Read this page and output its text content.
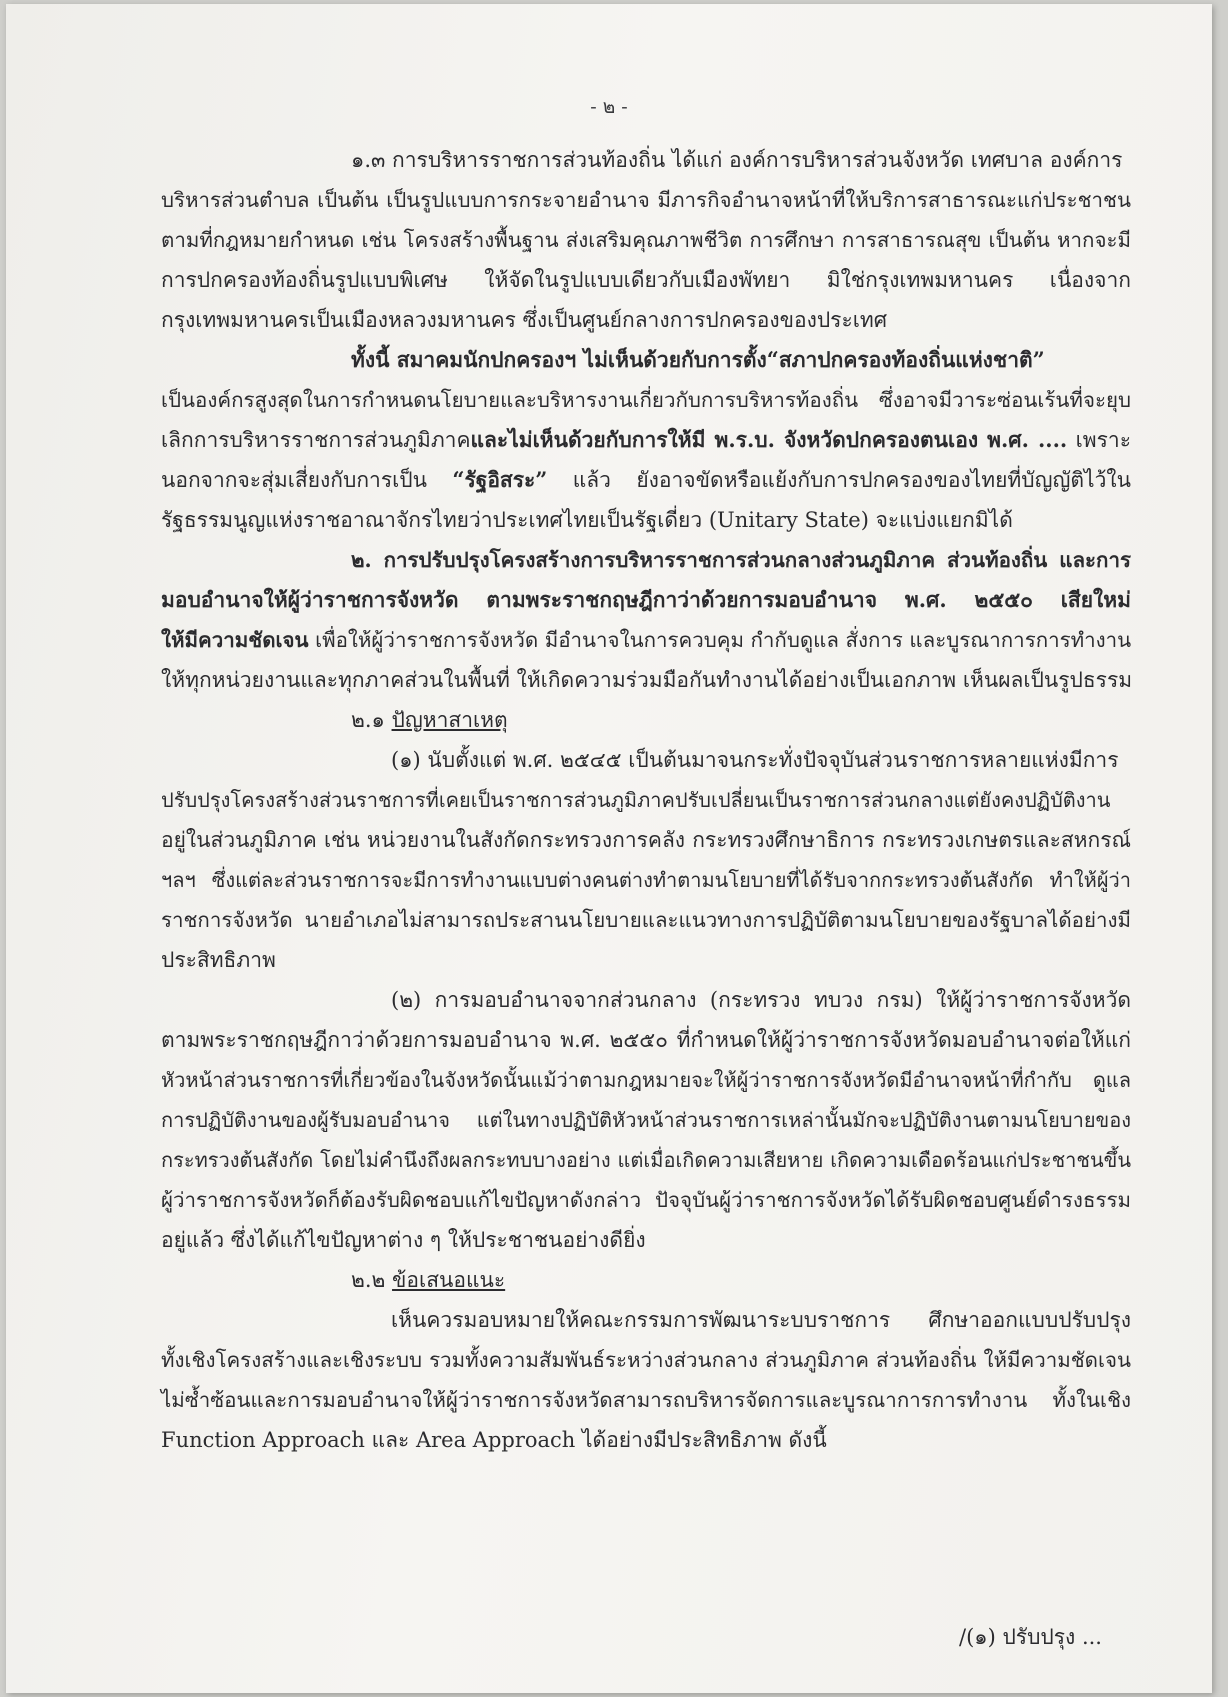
- ๒ -
๑.๓ การบริหารราชการส่วนท้องถิ่น ได้แก่ องค์การบริหารส่วนจังหวัด เทศบาล องค์การ
บริหารส่วนตำบล เป็นต้น เป็นรูปแบบการกระจายอำนาจ มีภารกิจอำนาจหน้าที่ให้บริการสาธารณะแก่ประชาชน
ตามที่กฎหมายกำหนด เช่น โครงสร้างพื้นฐาน ส่งเสริมคุณภาพชีวิต การศึกษา การสาธารณสุข เป็นต้น หากจะมี
การปกครองท้องถิ่นรูปแบบพิเศษ ให้จัดในรูปแบบเดียวกับเมืองพัทยา มิใช่กรุงเทพมหานคร เนื่องจาก
กรุงเทพมหานครเป็นเมืองหลวงมหานคร ซึ่งเป็นศูนย์กลางการปกครองของประเทศ
ทั้งนี้ สมาคมนักปกครองฯ ไม่เห็นด้วยกับการตั้ง“สภาปกครองท้องถิ่นแห่งชาติ”
เป็นองค์กรสูงสุดในการกำหนดนโยบายและบริหารงานเกี่ยวกับการบริหารท้องถิ่น ซึ่งอาจมีวาระซ่อนเร้นที่จะยุบ
เลิกการบริหารราชการส่วนภูมิภาคและไม่เห็นด้วยกับการให้มี พ.ร.บ. จังหวัดปกครองตนเอง พ.ศ. .... เพราะ
นอกจากจะสุ่มเสี่ยงกับการเป็น “รัฐอิสระ” แล้ว ยังอาจขัดหรือแย้งกับการปกครองของไทยที่บัญญัติไว้ใน
รัฐธรรมนูญแห่งราชอาณาจักรไทยว่าประเทศไทยเป็นรัฐเดี่ยว (Unitary State) จะแบ่งแยกมิได้
๒. การปรับปรุงโครงสร้างการบริหารราชการส่วนกลางส่วนภูมิภาค ส่วนท้องถิ่น และการ
มอบอำนาจให้ผู้ว่าราชการจังหวัด ตามพระราชกฤษฎีกาว่าด้วยการมอบอำนาจ พ.ศ. ๒๕๕๐ เสียใหม่
ให้มีความชัดเจน เพื่อให้ผู้ว่าราชการจังหวัด มีอำนาจในการควบคุม กำกับดูแล สั่งการ และบูรณาการการทำงาน
ให้ทุกหน่วยงานและทุกภาคส่วนในพื้นที่ ให้เกิดความร่วมมือกันทำงานได้อย่างเป็นเอกภาพ เห็นผลเป็นรูปธรรม
๒.๑ ปัญหาสาเหตุ
(๑) นับตั้งแต่ พ.ศ. ๒๕๔๕ เป็นต้นมาจนกระทั่งปัจจุบันส่วนราชการหลายแห่งมีการ
ปรับปรุงโครงสร้างส่วนราชการที่เคยเป็นราชการส่วนภูมิภาคปรับเปลี่ยนเป็นราชการส่วนกลางแต่ยังคงปฏิบัติงาน
อยู่ในส่วนภูมิภาค เช่น หน่วยงานในสังกัดกระทรวงการคลัง กระทรวงศึกษาธิการ กระทรวงเกษตรและสหกรณ์
ฯลฯ ซึ่งแต่ละส่วนราชการจะมีการทำงานแบบต่างคนต่างทำตามนโยบายที่ได้รับจากกระทรวงต้นสังกัด ทำให้ผู้ว่า
ราชการจังหวัด นายอำเภอไม่สามารถประสานนโยบายและแนวทางการปฏิบัติตามนโยบายของรัฐบาลได้อย่างมี
ประสิทธิภาพ
(๒) การมอบอำนาจจากส่วนกลาง (กระทรวง ทบวง กรม) ให้ผู้ว่าราชการจังหวัด
ตามพระราชกฤษฎีกาว่าด้วยการมอบอำนาจ พ.ศ. ๒๕๕๐ ที่กำหนดให้ผู้ว่าราชการจังหวัดมอบอำนาจต่อให้แก่
หัวหน้าส่วนราชการที่เกี่ยวข้องในจังหวัดนั้นแม้ว่าตามกฎหมายจะให้ผู้ว่าราชการจังหวัดมีอำนาจหน้าที่กำกับ ดูแล
การปฏิบัติงานของผู้รับมอบอำนาจ แต่ในทางปฏิบัติหัวหน้าส่วนราชการเหล่านั้นมักจะปฏิบัติงานตามนโยบายของ
กระทรวงต้นสังกัด โดยไม่คำนึงถึงผลกระทบบางอย่าง แต่เมื่อเกิดความเสียหาย เกิดความเดือดร้อนแก่ประชาชนขึ้น
ผู้ว่าราชการจังหวัดก็ต้องรับผิดชอบแก้ไขปัญหาดังกล่าว ปัจจุบันผู้ว่าราชการจังหวัดได้รับผิดชอบศูนย์ดำรงธรรม
อยู่แล้ว ซึ่งได้แก้ไขปัญหาต่าง ๆ ให้ประชาชนอย่างดียิ่ง
๒.๒ ข้อเสนอแนะ
เห็นควรมอบหมายให้คณะกรรมการพัฒนาระบบราชการ ศึกษาออกแบบปรับปรุง
ทั้งเชิงโครงสร้างและเชิงระบบ รวมทั้งความสัมพันธ์ระหว่างส่วนกลาง ส่วนภูมิภาค ส่วนท้องถิ่น ให้มีความชัดเจน
ไม่ซ้ำซ้อนและการมอบอำนาจให้ผู้ว่าราชการจังหวัดสามารถบริหารจัดการและบูรณาการการทำงาน ทั้งในเชิง
Function Approach และ Area Approach ได้อย่างมีประสิทธิภาพ ดังนี้
/(๑) ปรับปรุง ...
